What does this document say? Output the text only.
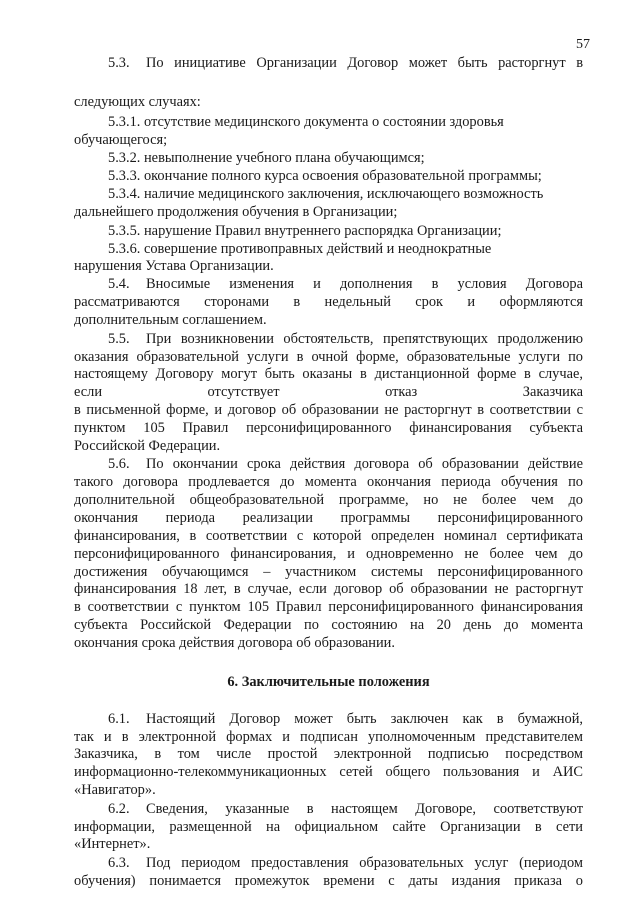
57
5.3. По инициативе Организации Договор может быть расторгнут в
следующих случаях:
5.3.1. отсутствие медицинского документа о состоянии здоровья
обучающегося;
5.3.2. невыполнение учебного плана обучающимся;
5.3.3. окончание полного курса освоения образовательной программы;
5.3.4. наличие медицинского заключения, исключающего возможность
дальнейшего продолжения обучения в Организации;
5.3.5. нарушение Правил внутреннего распорядка Организации;
5.3.6. совершение противоправных действий и неоднократные
нарушения Устава Организации.
5.4. Вносимые изменения и дополнения в условия Договора
рассматриваются сторонами в недельный срок и оформляются
дополнительным соглашением.
5.5. При возникновении обстоятельств, препятствующих продолжению
оказания образовательной услуги в очной форме, образовательные услуги по
настоящему Договору могут быть оказаны в дистанционной форме в случае,
если отсутствует отказ Заказчика
в письменной форме, и договор об образовании не расторгнут в соответствии с
пунктом 105 Правил персонифицированного финансирования субъекта
Российской Федерации.
5.6. По окончании срока действия договора об образовании действие
такого договора продлевается до момента окончания периода обучения по
дополнительной общеобразовательной программе, но не более чем до
окончания периода реализации программы персонифицированного
финансирования, в соответствии с которой определен номинал сертификата
персонифицированного финансирования, и одновременно не более чем до
достижения обучающимся – участником системы персонифицированного
финансирования 18 лет, в случае, если договор об образовании не расторгнут
в соответствии с пунктом 105 Правил персонифицированного финансирования
субъекта Российской Федерации по состоянию на 20 день до момента
окончания срока действия договора об образовании.
6. Заключительные положения
6.1. Настоящий Договор может быть заключен как в бумажной,
так и в электронной формах и подписан уполномоченным представителем
Заказчика, в том числе простой электронной подписью посредством
информационно-телекоммуникационных сетей общего пользования и АИС
«Навигатор».
6.2. Сведения, указанные в настоящем Договоре, соответствуют
информации, размещенной на официальном сайте Организации в сети
«Интернет».
6.3. Под периодом предоставления образовательных услуг (периодом
обучения) понимается промежуток времени с даты издания приказа о
